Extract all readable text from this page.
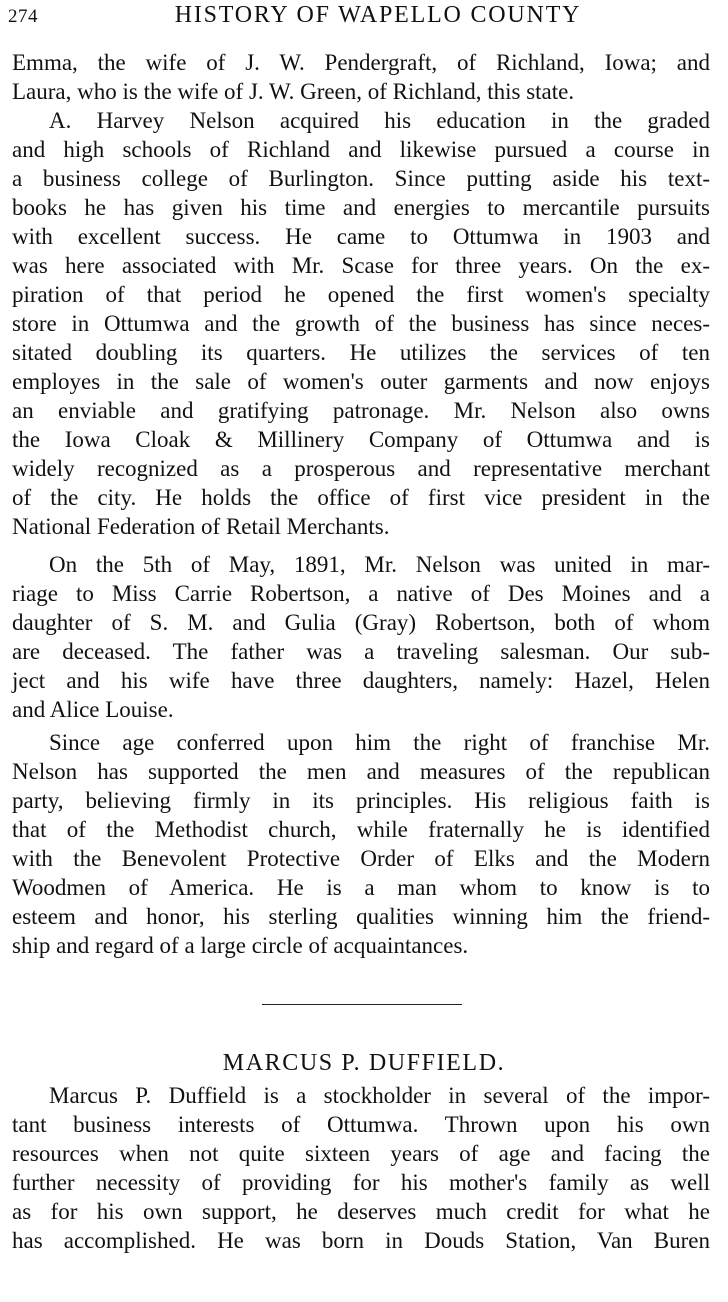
274	HISTORY OF WAPELLO COUNTY
Emma, the wife of J. W. Pendergraft, of Richland, Iowa; and
Laura, who is the wife of J. W. Green, of Richland, this state.
A. Harvey Nelson acquired his education in the graded
and high schools of Richland and likewise pursued a course in
a business college of Burlington. Since putting aside his text-
books he has given his time and energies to mercantile pursuits
with excellent success. He came to Ottumwa in 1903 and
was here associated with Mr. Scase for three years. On the ex-
piration of that period he opened the first women's specialty
store in Ottumwa and the growth of the business has since neces-
sitated doubling its quarters. He utilizes the services of ten
employes in the sale of women's outer garments and now enjoys
an enviable and gratifying patronage. Mr. Nelson also owns
the Iowa Cloak & Millinery Company of Ottumwa and is
widely recognized as a prosperous and representative merchant
of the city. He holds the office of first vice president in the
National Federation of Retail Merchants.
On the 5th of May, 1891, Mr. Nelson was united in mar-
riage to Miss Carrie Robertson, a native of Des Moines and a
daughter of S. M. and Gulia (Gray) Robertson, both of whom
are deceased. The father was a traveling salesman. Our sub-
ject and his wife have three daughters, namely: Hazel, Helen
and Alice Louise.
Since age conferred upon him the right of franchise Mr.
Nelson has supported the men and measures of the republican
party, believing firmly in its principles. His religious faith is
that of the Methodist church, while fraternally he is identified
with the Benevolent Protective Order of Elks and the Modern
Woodmen of America. He is a man whom to know is to
esteem and honor, his sterling qualities winning him the friend-
ship and regard of a large circle of acquaintances.
MARCUS P. DUFFIELD.
Marcus P. Duffield is a stockholder in several of the impor-
tant business interests of Ottumwa. Thrown upon his own
resources when not quite sixteen years of age and facing the
further necessity of providing for his mother's family as well
as for his own support, he deserves much credit for what he
has accomplished. He was born in Douds Station, Van Buren
